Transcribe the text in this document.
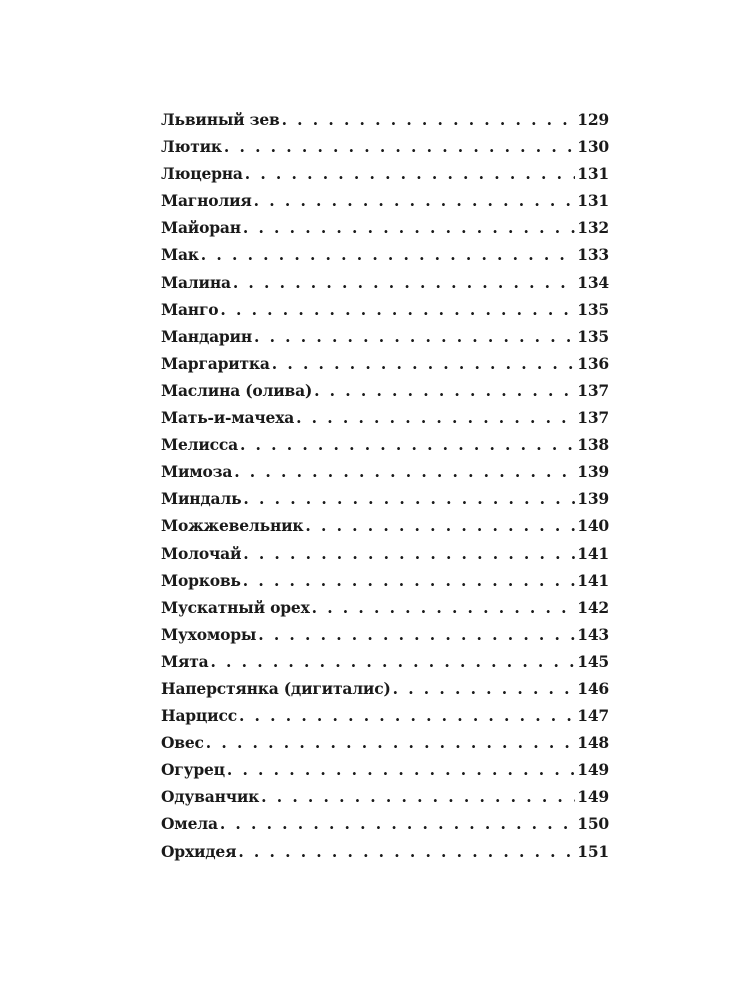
Львиный зев . . .	129
Лютик . . .	130
Люцерна . . .	131
Магнолия . . .	131
Майоран . . .	132
Мак . . .	133
Малина . . .	134
Манго . . .	135
Мандарин . . .	135
Маргаритка . . .	136
Маслина (олива) . . .	137
Мать-и-мачеха . . .	137
Мелисса . . .	138
Мимоза . . .	139
Миндаль . . .	139
Можжевельник . . .	140
Молочай . . .	141
Морковь . . .	141
Мускатный орех . . .	142
Мухоморы . . .	143
Мята . . .	145
Наперстянка (дигиталис) . . .	146
Нарцисс . . .	147
Овес . . .	148
Огурец . . .	149
Одуванчик . . .	149
Омела . . .	150
Орхидея . . .	151
